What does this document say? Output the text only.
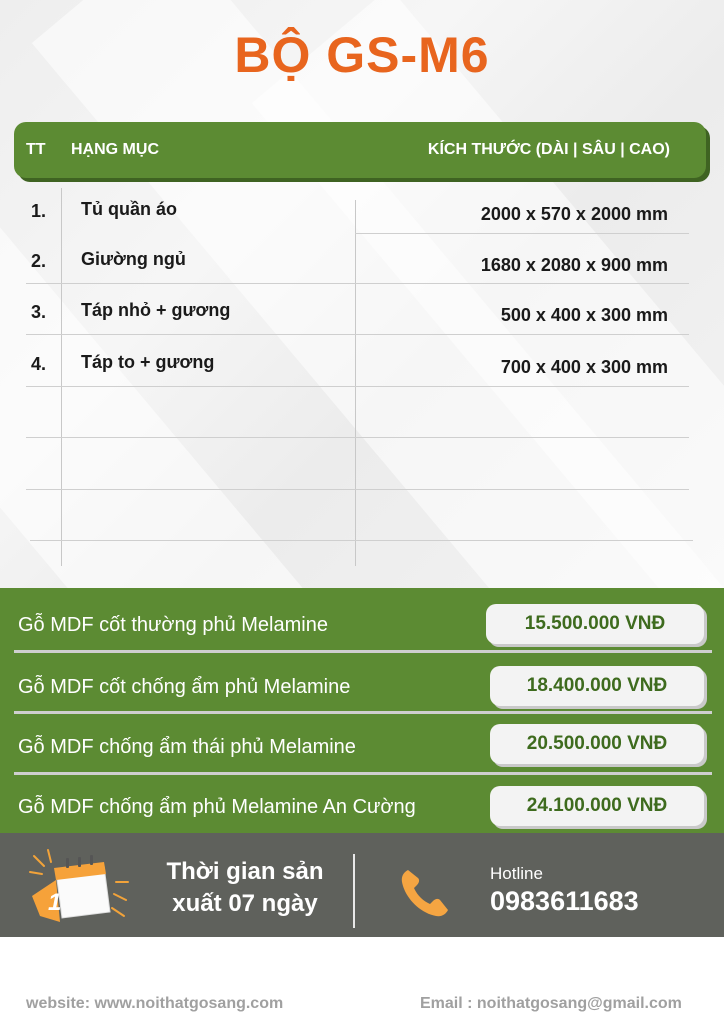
BỘ GS-M6
TT HẠNG MỤC	KÍCH THƯỚC (DÀI | SÂU | CAO)
1. Tủ quần áo	2000 x 570 x 2000 mm
2. Giường ngủ	1680 x 2080 x 900 mm
3. Táp nhỏ + gương	500 x 400 x 300 mm
4. Táp to + gương	700 x 400 x 300 mm
Gỗ MDF cốt thường phủ Melamine	15.500.000 VNĐ
Gỗ MDF cốt chống ẩm phủ Melamine	18.400.000 VNĐ
Gỗ MDF chống ẩm thái phủ Melamine	20.500.000 VNĐ
Gỗ MDF chống ẩm phủ Melamine An Cường	24.100.000 VNĐ
1
Thời gian sản
xuất 07 ngày
Hotline
0983611683
website: www.noithatgosang.com	Email : noithatgosang@gmail.com
